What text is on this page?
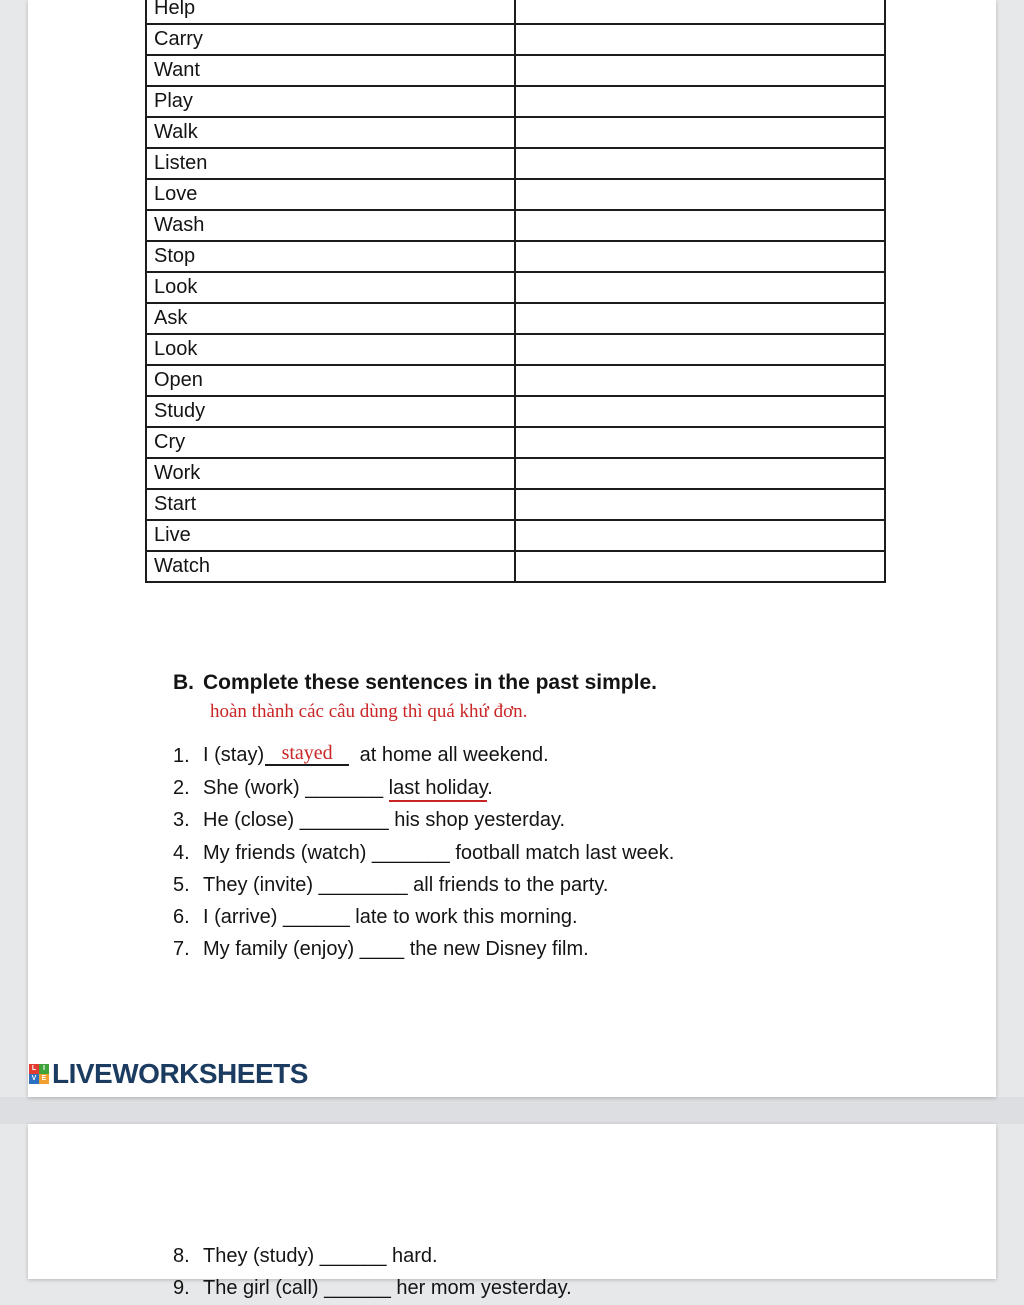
Help	
Carry	
Want	
Play	
Walk	
Listen	
Love	
Wash	
Stop	
Look	
Ask	
Look	
Open	
Study	
Cry	
Work	
Start	
Live	
Watch	
B. Complete these sentences in the past simple.
hoàn thành các câu dùng thì quá khứ đơn.
1. I (stay) stayed at home all weekend.
2. She (work) _______ last holiday.
3. He (close) ________ his shop yesterday.
4. My friends (watch) _______ football match last week.
5. They (invite) ________ all friends to the party.
6. I (arrive) ______ late to work this morning.
7. My family (enjoy) ____ the new Disney film.
L I
V E LIVEWORKSHEETS
8. They (study) ______ hard.
9. The girl (call) ______ her mom yesterday.
